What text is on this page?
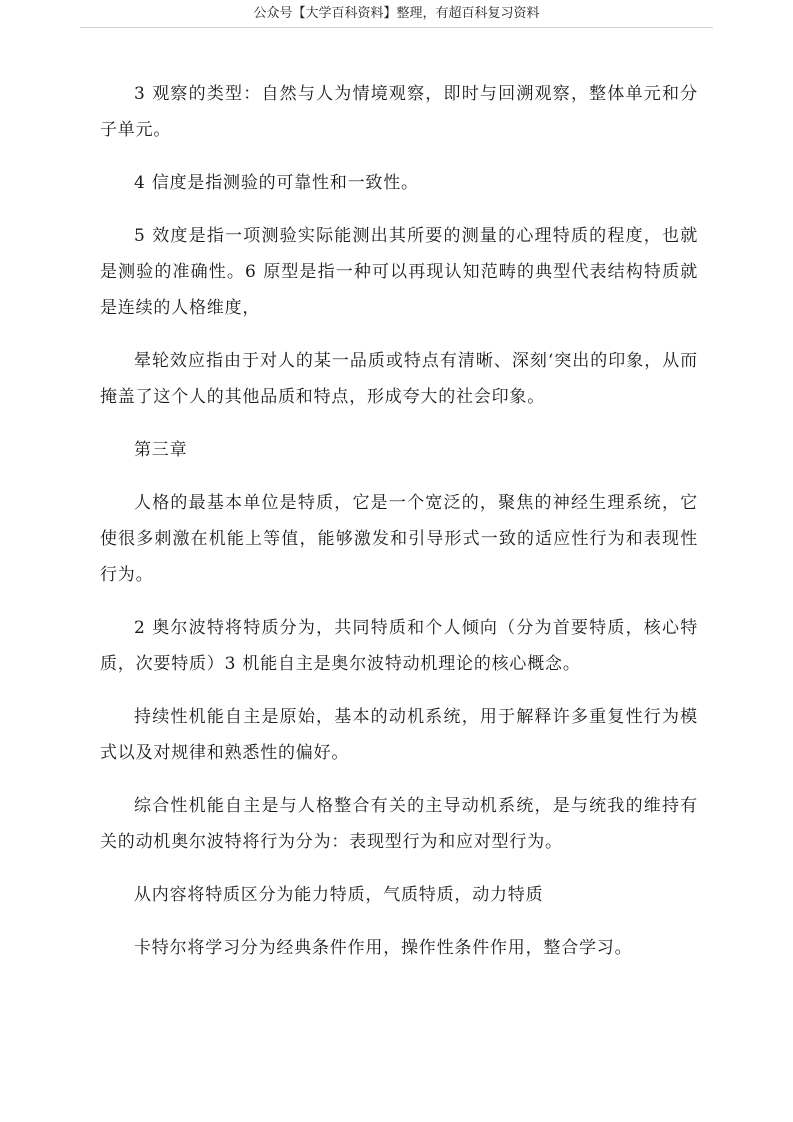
公众号【大学百科资料】整理，有超百科复习资料

3 观察的类型：自然与人为情境观察，即时与回溯观察，整体单元和分子单元。

4 信度是指测验的可靠性和一致性。

5 效度是指一项测验实际能测出其所要的测量的心理特质的程度，也就是测验的准确性。6 原型是指一种可以再现认知范畴的典型代表结构特质就是连续的人格维度，

晕轮效应指由于对人的某一品质或特点有清晰、深刻‘突出的印象，从而掩盖了这个人的其他品质和特点，形成夸大的社会印象。

第三章

人格的最基本单位是特质，它是一个宽泛的，聚焦的神经生理系统，它使很多刺激在机能上等值，能够激发和引导形式一致的适应性行为和表现性行为。

2 奥尔波特将特质分为，共同特质和个人倾向（分为首要特质，核心特质，次要特质）3 机能自主是奥尔波特动机理论的核心概念。

持续性机能自主是原始，基本的动机系统，用于解释许多重复性行为模式以及对规律和熟悉性的偏好。

综合性机能自主是与人格整合有关的主导动机系统，是与统我的维持有关的动机奥尔波特将行为分为：表现型行为和应对型行为。

从内容将特质区分为能力特质，气质特质，动力特质

卡特尔将学习分为经典条件作用，操作性条件作用，整合学习。
